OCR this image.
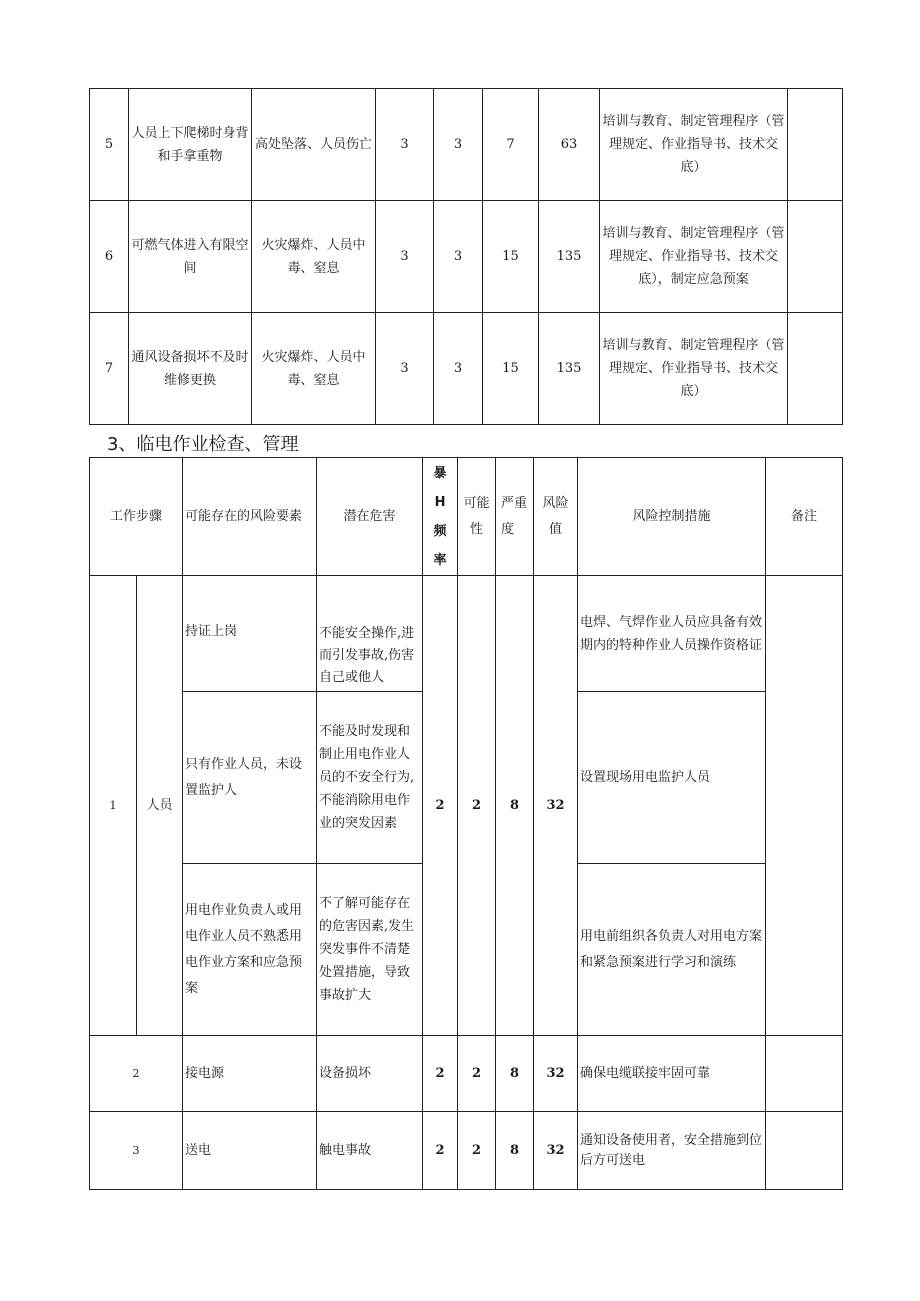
5	人员上下爬梯时身背和手拿重物	高处坠落、人员伤亡	3	3	7	63	培训与教育、制定管理程序（管理规定、作业指导书、技术交底）	
6	可燃气体进入有限空间	火灾爆炸、人员中毒、窒息	3	3	15	135	培训与教育、制定管理程序（管理规定、作业指导书、技术交底），制定应急预案	
7	通风设备损坏不及时维修更换	火灾爆炸、人员中毒、窒息	3	3	15	135	培训与教育、制定管理程序（管理规定、作业指导书、技术交底）	
3、临电作业检查、管理
工作步骤		可能存在的风险要素	潜在危害	暴H频率	可能性	严重度	风险值	风险控制措施	备注
1	人员	持证上岗	不能安全操作,进而引发事故,伤害自己或他人	2	2	8	32	电焊、气焊作业人员应具备有效期内的特种作业人员操作资格证	
		只有作业人员，未设置监护人	不能及时发现和制止用电作业人员的不安全行为,不能消除用电作业的突发因素					设置现场用电监护人员	
		用电作业负责人或用电作业人员不熟悉用电作业方案和应急预案	不了解可能存在的危害因素,发生突发事件不清楚处置措施，导致事故扩大					用电前组织各负责人对用电方案和紧急预案进行学习和演练	
2		接电源	设备损坏	2	2	8	32	确保电缆联接牢固可靠	
3		送电	触电事故	2	2	8	32	通知设备使用者，安全措施到位后方可送电	
